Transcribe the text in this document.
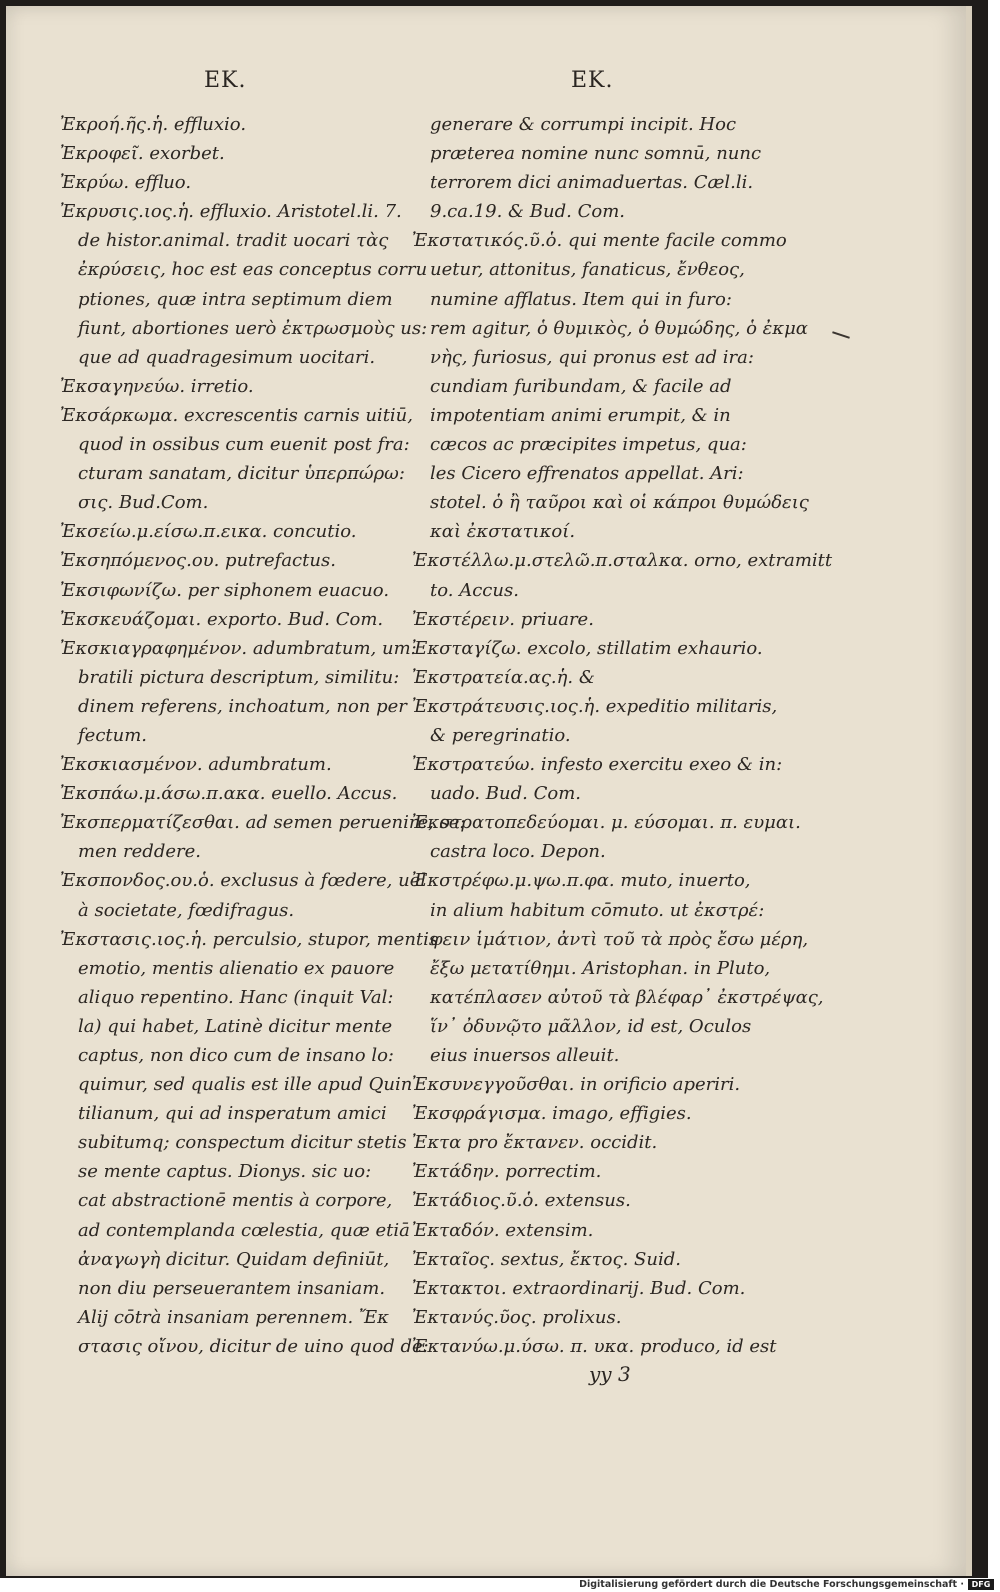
EK.	EK.
Ἐκροή.ῆς.ἡ. effluxio.
Ἐκροφεῖ. exorbet.
Ἐκρύω. effluo.
Ἐκρυσις.ιος.ἡ. effluxio. Aristotel.li. 7.
de histor.animal. tradit uocari τὰς
ἐκρύσεις, hoc est eas conceptus corru
ptiones, quæ intra septimum diem
fiunt, abortiones uerò ἐκτρωσμοὺς us:
que ad quadragesimum uocitari.
Ἐκσαγηνεύω. irretio.
Ἐκσάρκωμα. excrescentis carnis uitiū,
quod in ossibus cum euenit post fra:
cturam sanatam, dicitur ὑπερπώρω:
σις. Bud.Com.
Ἐκσείω.μ.είσω.π.εικα. concutio.
Ἐκσηπόμενος.ου. putrefactus.
Ἐκσιφωνίζω. per siphonem euacuo.
Ἐκσκευάζομαι. exporto. Bud. Com.
Ἐκσκιαγραφημένον. adumbratum, um:
bratili pictura descriptum, similitu:
dinem referens, inchoatum, non per
fectum.
Ἐκσκιασμένον. adumbratum.
Ἐκσπάω.μ.άσω.π.ακα. euello. Accus.
Ἐκσπερματίζεσθαι. ad semen peruenire, se:
men reddere.
Ἐκσπονδος.ου.ὁ. exclusus à fœdere, uel
à societate, fœdifragus.
Ἐκστασις.ιος.ἡ. perculsio, stupor, mentis
emotio, mentis alienatio ex pauore
aliquo repentino. Hanc (inquit Val:
la) qui habet, Latinè dicitur mente
captus, non dico cum de insano lo:
quimur, sed qualis est ille apud Quin
tilianum, qui ad insperatum amici
subitumq; conspectum dicitur stetis
se mente captus. Dionys. sic uo:
cat abstractionē mentis à corpore,
ad contemplanda cœlestia, quæ etiā
ἀναγωγὴ dicitur. Quidam definiūt,
non diu perseuerantem insaniam.
Alij cōtrà insaniam perennem. Ἔκ
στασις οἴνου, dicitur de uino quod de:
generare & corrumpi incipit. Hoc
præterea nomine nunc somnū, nunc
terrorem dici animaduertas. Cæl.li.
9.ca.19. & Bud. Com.
Ἐκστατικός.ῦ.ὁ. qui mente facile commo
uetur, attonitus, fanaticus, ἔνθεος,
numine afflatus. Item qui in furo:
rem agitur, ὁ θυμικὸς, ὁ θυμώδης, ὁ ἐκμα
νὴς, furiosus, qui pronus est ad ira:
cundiam furibundam, & facile ad
impotentiam animi erumpit, & in
cæcos ac præcipites impetus, qua:
les Cicero effrenatos appellat. Ari:
stotel. ὁ ἢ ταῦροι καὶ οἱ κάπροι θυμώδεις
καὶ ἐκστατικοί.
Ἐκστέλλω.μ.στελῶ.π.σταλκα. orno, extramitt
to. Accus.
Ἐκστέρειν. priuare.
Ἐκσταγίζω. excolo, stillatim exhaurio.
Ἐκστρατεία.ας.ἡ. &
Ἐκστράτευσις.ιος.ἡ. expeditio militaris,
& peregrinatio.
Ἐκστρατεύω. infesto exercitu exeo & in:
uado. Bud. Com.
Ἐκστρατοπεδεύομαι. μ. εύσομαι. π. ευμαι.
castra loco. Depon.
Ἐκστρέφω.μ.ψω.π.φα. muto, inuerto,
in alium habitum cōmuto. ut ἐκστρέ:
φειν ἱμάτιον, ἀντὶ τοῦ τὰ πρὸς ἔσω μέρη,
ἔξω μετατίθημι. Aristophan. in Pluto,
κατέπλασεν αὐτοῦ τὰ βλέφαρ᾽ ἐκστρέψας,
ἵν᾽ ὀδυνῷτο μᾶλλον, id est, Oculos
eius inuersos alleuit.
Ἐκσυνεγγοῦσθαι. in orificio aperiri.
Ἐκσφράγισμα. imago, effigies.
Ἐκτα pro ἔκτανεν. occidit.
Ἐκτάδην. porrectim.
Ἐκτάδιος.ῦ.ὁ. extensus.
Ἐκταδόν. extensim.
Ἐκταῖος. sextus, ἔκτος. Suid.
Ἐκτακτοι. extraordinarij. Bud. Com.
Ἐκτανύς.ῦος. prolixus.
Ἐκτανύω.μ.ύσω. π. υκα. produco, id est
yy 3
Digitalisierung gefördert durch die Deutsche Forschungsgemeinschaft · DFG
